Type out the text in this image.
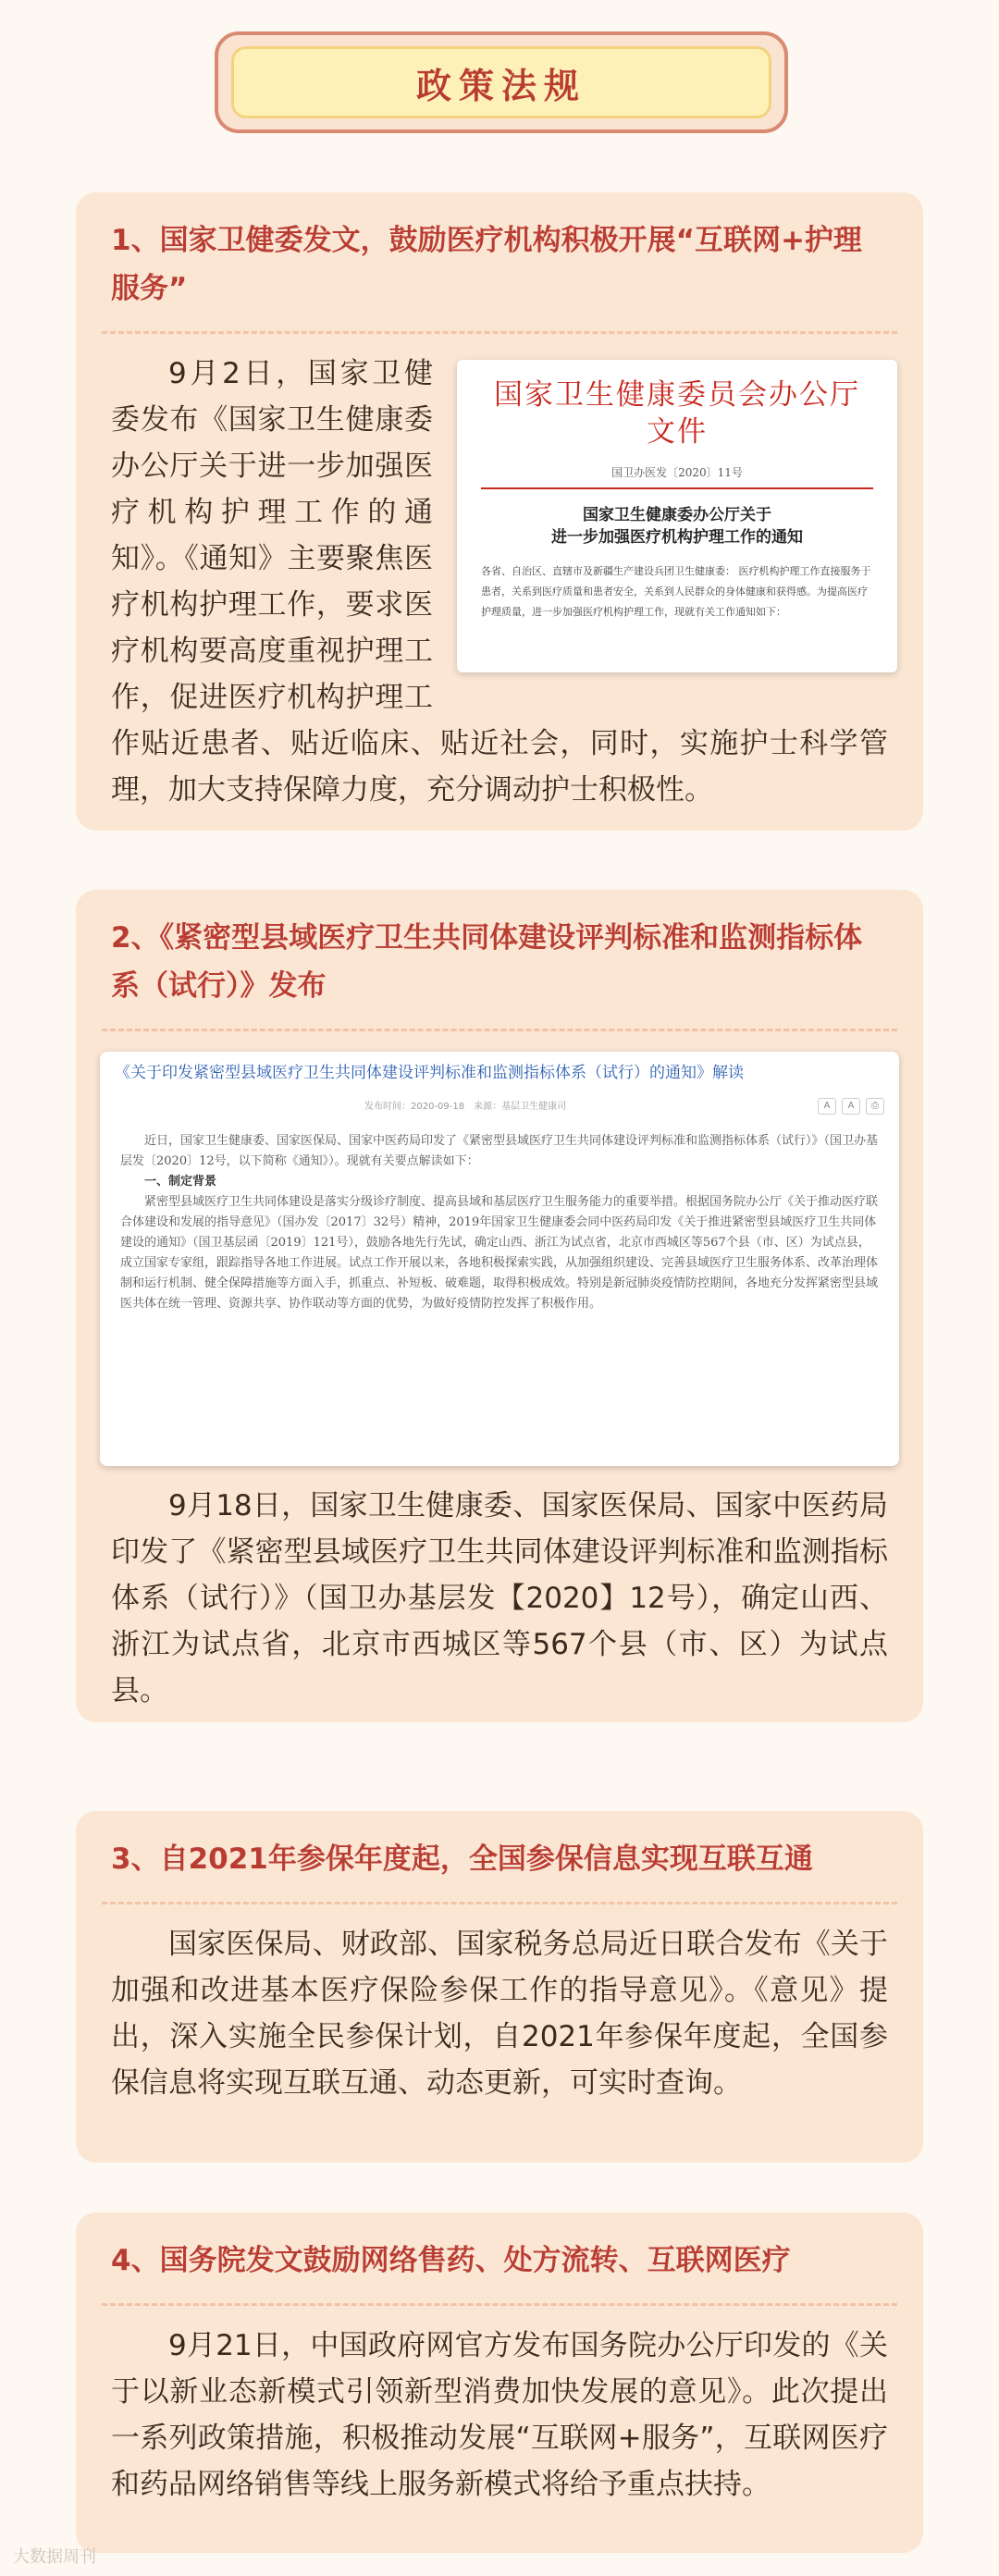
政策法规
1、国家卫健委发文，鼓励医疗机构积极开展“互联网+护理服务”
国家卫生健康委员会办公厅文件
国卫办医发〔2020〕11号
国家卫生健康委办公厅关于
进一步加强医疗机构护理工作的通知
各省、自治区、直辖市及新疆生产建设兵团卫生健康委： 医疗机构护理工作直接服务于患者，关系到医疗质量和患者安全，关系到人民群众的身体健康和获得感。为提高医疗护理质量，进一步加强医疗机构护理工作，现就有关工作通知如下：

9月2日，国家卫健委发布《国家卫生健康委办公厅关于进一步加强医疗机构护理工作的通知》。《通知》主要聚焦医疗机构护理工作，要求医疗机构要高度重视护理工作，促进医疗机构护理工作贴近患者、贴近临床、贴近社会，同时，实施护士科学管理，加大支持保障力度，充分调动护士积极性。

2、《紧密型县域医疗卫生共同体建设评判标准和监测指标体系（试行）》发布
《关于印发紧密型县域医疗卫生共同体建设评判标准和监测指标体系（试行）的通知》解读
发布时间：2020-09-18　来源：基层卫生健康司	A	A	⎙

近日，国家卫生健康委、国家医保局、国家中医药局印发了《紧密型县域医疗卫生共同体建设评判标准和监测指标体系（试行）》（国卫办基层发〔2020〕12号，以下简称《通知》）。现就有关要点解读如下：

一、制定背景

紧密型县域医疗卫生共同体建设是落实分级诊疗制度、提高县域和基层医疗卫生服务能力的重要举措。根据国务院办公厅《关于推动医疗联合体建设和发展的指导意见》（国办发〔2017〕32号）精神，2019年国家卫生健康委会同中医药局印发《关于推进紧密型县域医疗卫生共同体建设的通知》（国卫基层函〔2019〕121号），鼓励各地先行先试，确定山西、浙江为试点省，北京市西城区等567个县（市、区）为试点县，成立国家专家组，跟踪指导各地工作进展。试点工作开展以来，各地积极探索实践，从加强组织建设、完善县域医疗卫生服务体系、改革治理体制和运行机制、健全保障措施等方面入手，抓重点、补短板、破难题，取得积极成效。特别是新冠肺炎疫情防控期间，各地充分发挥紧密型县域医共体在统一管理、资源共享、协作联动等方面的优势，为做好疫情防控发挥了积极作用。

9月18日，国家卫生健康委、国家医保局、国家中医药局印发了《紧密型县域医疗卫生共同体建设评判标准和监测指标体系（试行）》（国卫办基层发【2020】12号），确定山西、浙江为试点省，北京市西城区等567个县（市、区）为试点县。

3、自2021年参保年度起，全国参保信息实现互联互通

国家医保局、财政部、国家税务总局近日联合发布《关于加强和改进基本医疗保险参保工作的指导意见》。《意见》提出，深入实施全民参保计划，自2021年参保年度起，全国参保信息将实现互联互通、动态更新，可实时查询。

4、国务院发文鼓励网络售药、处方流转、互联网医疗

9月21日，中国政府网官方发布国务院办公厅印发的《关于以新业态新模式引领新型消费加快发展的意见》。此次提出一系列政策措施，积极推动发展“互联网+服务”，互联网医疗和药品网络销售等线上服务新模式将给予重点扶持。

大数据周刊
